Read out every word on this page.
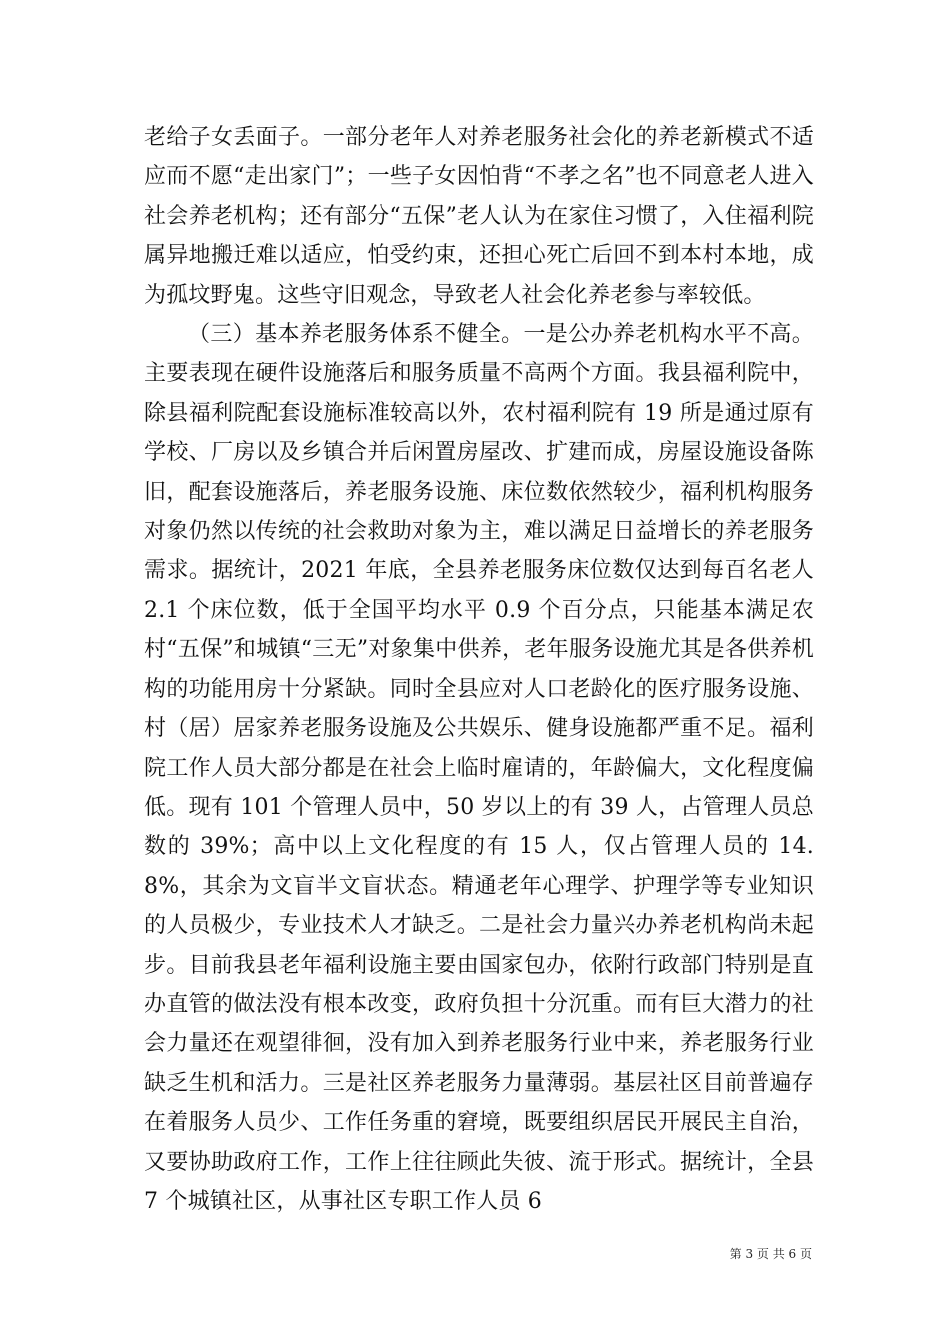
老给子女丢面子。一部分老年人对养老服务社会化的养老新模式不适应而不愿“走出家门”；一些子女因怕背“不孝之名”也不同意老人进入社会养老机构；还有部分“五保”老人认为在家住习惯了，入住福利院属异地搬迁难以适应，怕受约束，还担心死亡后回不到本村本地，成为孤坟野鬼。这些守旧观念，导致老人社会化养老参与率较低。

（三）基本养老服务体系不健全。一是公办养老机构水平不高。主要表现在硬件设施落后和服务质量不高两个方面。我县福利院中，除县福利院配套设施标准较高以外，农村福利院有 19 所是通过原有学校、厂房以及乡镇合并后闲置房屋改、扩建而成，房屋设施设备陈旧，配套设施落后，养老服务设施、床位数依然较少，福利机构服务对象仍然以传统的社会救助对象为主，难以满足日益增长的养老服务需求。据统计，2021 年底，全县养老服务床位数仅达到每百名老人 2.1 个床位数，低于全国平均水平 0.9 个百分点，只能基本满足农村“五保”和城镇“三无”对象集中供养，老年服务设施尤其是各供养机构的功能用房十分紧缺。同时全县应对人口老龄化的医疗服务设施、村（居）居家养老服务设施及公共娱乐、健身设施都严重不足。福利院工作人员大部分都是在社会上临时雇请的，年龄偏大，文化程度偏低。现有 101 个管理人员中，50 岁以上的有 39 人，占管理人员总数的 39%；高中以上文化程度的有 15 人，仅占管理人员的 14.8%，其余为文盲半文盲状态。精通老年心理学、护理学等专业知识的人员极少，专业技术人才缺乏。二是社会力量兴办养老机构尚未起步。目前我县老年福利设施主要由国家包办，依附行政部门特别是直办直管的做法没有根本改变，政府负担十分沉重。而有巨大潜力的社会力量还在观望徘徊，没有加入到养老服务行业中来，养老服务行业缺乏生机和活力。三是社区养老服务力量薄弱。基层社区目前普遍存在着服务人员少、工作任务重的窘境，既要组织居民开展民主自治，又要协助政府工作，工作上往往顾此失彼、流于形式。据统计，全县 7 个城镇社区，从事社区专职工作人员 6

第 3 页 共 6 页
